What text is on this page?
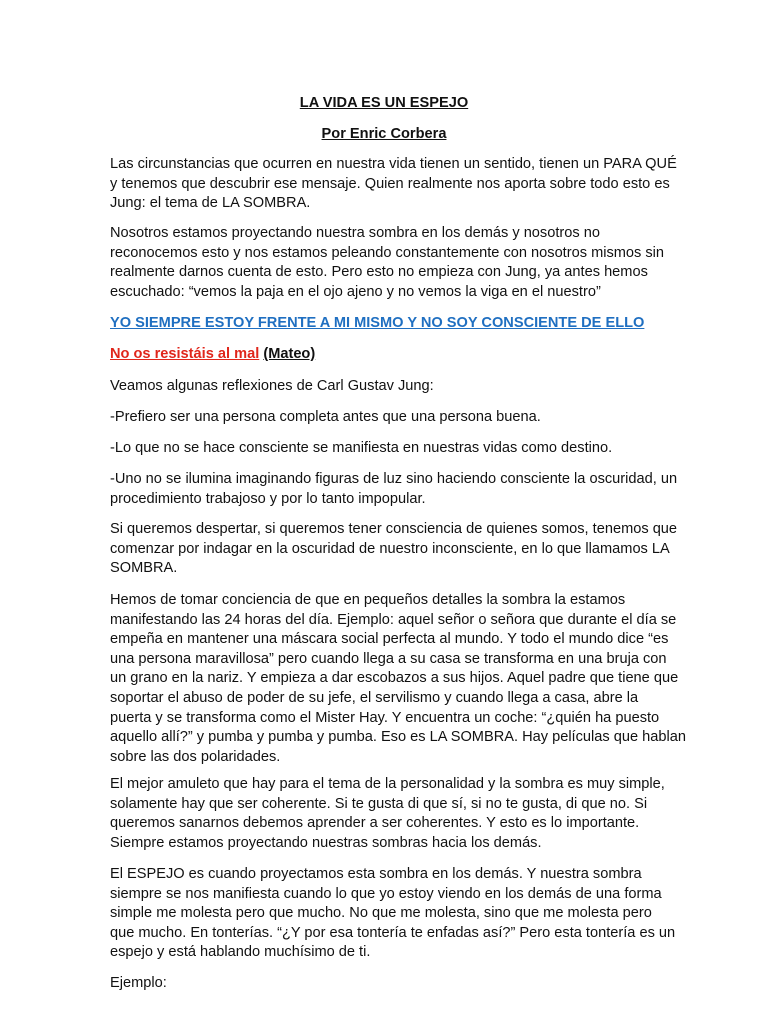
LA VIDA ES UN ESPEJO
Por Enric Corbera
Las circunstancias que ocurren en nuestra vida tienen un sentido, tienen un PARA QUÉ
y tenemos que descubrir ese mensaje. Quien realmente nos aporta sobre todo esto es
Jung: el tema de LA SOMBRA.
Nosotros estamos proyectando nuestra sombra en los demás y nosotros no
reconocemos esto y nos estamos peleando constantemente con nosotros mismos sin
realmente darnos cuenta de esto. Pero esto no empieza con Jung, ya antes hemos
escuchado: “vemos la paja en el ojo ajeno y no vemos la viga en el nuestro”
YO SIEMPRE ESTOY FRENTE A MI MISMO Y NO SOY CONSCIENTE DE ELLO
No os resistáis al mal (Mateo)
Veamos algunas reflexiones de Carl Gustav Jung:
-Prefiero ser una persona completa antes que una persona buena.
-Lo que no se hace consciente se manifiesta en nuestras vidas como destino.
-Uno no se ilumina imaginando figuras de luz sino haciendo consciente la oscuridad, un
procedimiento trabajoso y por lo tanto impopular.
Si queremos despertar, si queremos tener consciencia de quienes somos, tenemos que
comenzar por indagar en la oscuridad de nuestro inconsciente, en lo que llamamos LA
SOMBRA.
Hemos de tomar conciencia de que en pequeños detalles la sombra la estamos
manifestando las 24 horas del día. Ejemplo: aquel señor o señora que durante el día se
empeña en mantener una máscara social perfecta al mundo. Y todo el mundo dice “es
una persona maravillosa” pero cuando llega a su casa se transforma en una bruja con
un grano en la nariz. Y empieza a dar escobazos a sus hijos. Aquel padre que tiene que
soportar el abuso de poder de su jefe, el servilismo y cuando llega a casa, abre la
puerta y se transforma como el Mister Hay. Y encuentra un coche: “¿quién ha puesto
aquello allí?” y pumba y pumba y pumba. Eso es LA SOMBRA. Hay películas que hablan
sobre las dos polaridades.
El mejor amuleto que hay para el tema de la personalidad y la sombra es muy simple,
solamente hay que ser coherente. Si te gusta di que sí, si no te gusta, di que no. Si
queremos sanarnos debemos aprender a ser coherentes. Y esto es lo importante.
Siempre estamos proyectando nuestras sombras hacia los demás.
El ESPEJO es cuando proyectamos esta sombra en los demás. Y nuestra sombra
siempre se nos manifiesta cuando lo que yo estoy viendo en los demás de una forma
simple me molesta pero que mucho. No que me molesta, sino que me molesta pero
que mucho. En tonterías. “¿Y por esa tontería te enfadas así?” Pero esta tontería es un
espejo y está hablando muchísimo de ti.
Ejemplo:
